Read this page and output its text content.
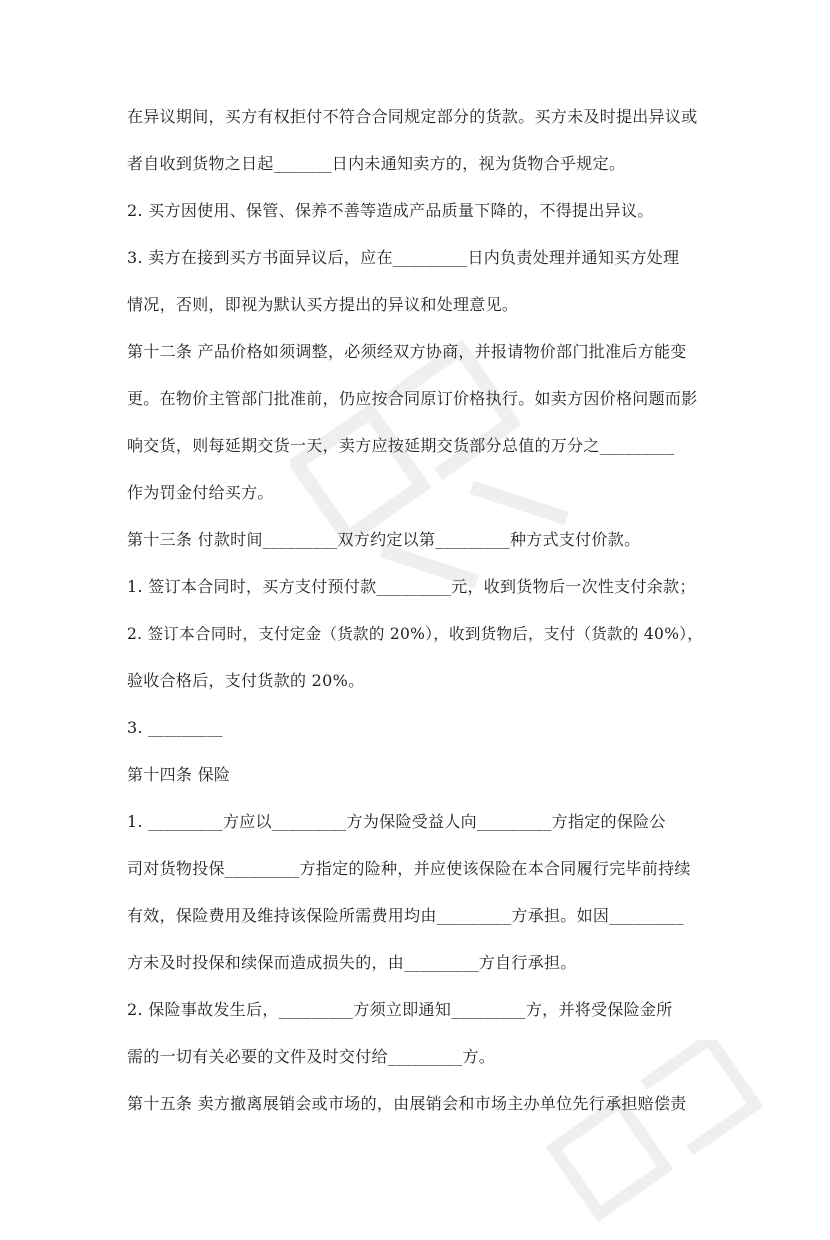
在异议期间，买方有权拒付不符合合同规定部分的货款。买方未及时提出异议或
者自收到货物之日起_______日内未通知卖方的，视为货物合乎规定。
2. 买方因使用、保管、保养不善等造成产品质量下降的，不得提出异议。
3. 卖方在接到买方书面异议后，应在_________日内负责处理并通知买方处理
情况，否则，即视为默认买方提出的异议和处理意见。
第十二条 产品价格如须调整，必须经双方协商，并报请物价部门批准后方能变
更。在物价主管部门批准前，仍应按合同原订价格执行。如卖方因价格问题而影
响交货，则每延期交货一天，卖方应按延期交货部分总值的万分之_________
作为罚金付给买方。
第十三条 付款时间_________双方约定以第_________种方式支付价款。
1. 签订本合同时，买方支付预付款_________元，收到货物后一次性支付余款；
2. 签订本合同时，支付定金（货款的 20%），收到货物后，支付（货款的 40%），
验收合格后，支付货款的 20%。
3. _________
第十四条 保险
1. _________方应以_________方为保险受益人向_________方指定的保险公
司对货物投保_________方指定的险种，并应使该保险在本合同履行完毕前持续
有效，保险费用及维持该保险所需费用均由_________方承担。如因_________
方未及时投保和续保而造成损失的，由_________方自行承担。
2. 保险事故发生后，_________方须立即通知_________方，并将受保险金所
需的一切有关必要的文件及时交付给_________方。
第十五条 卖方撤离展销会或市场的，由展销会和市场主办单位先行承担赔偿责
